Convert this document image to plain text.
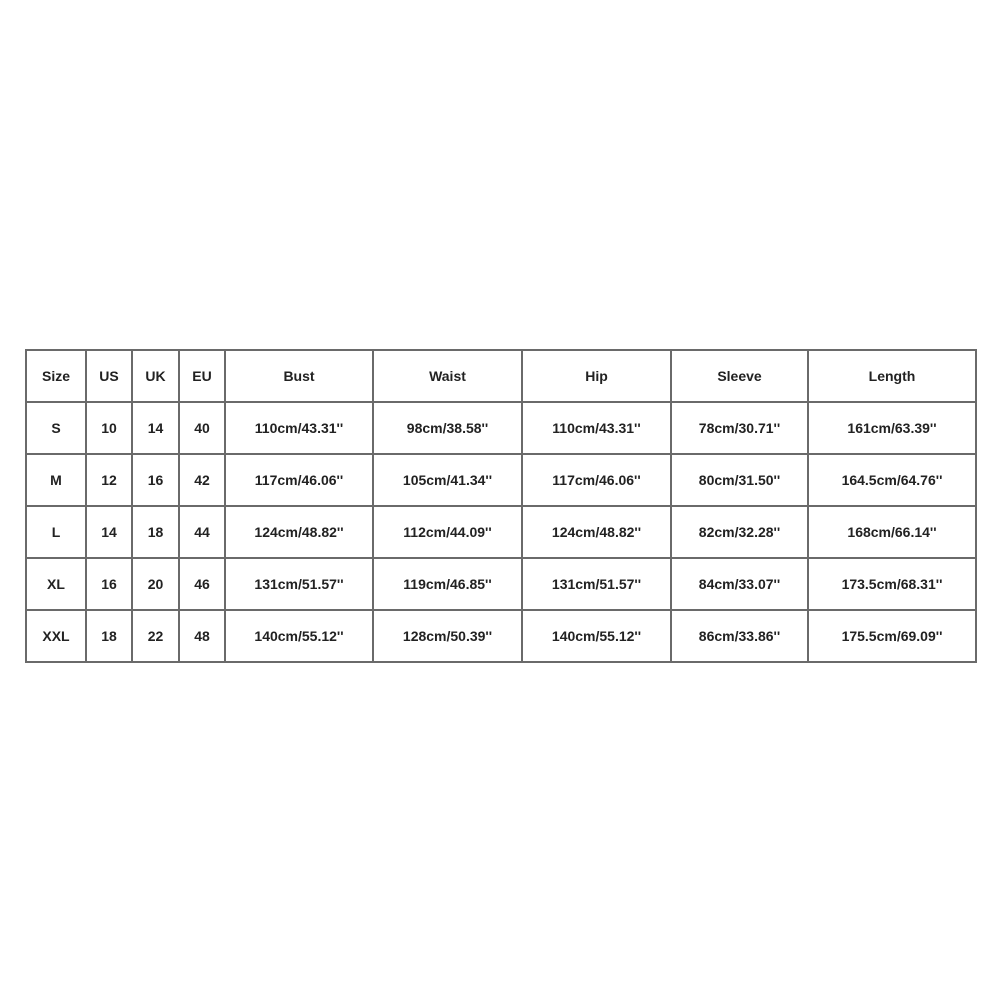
Size	US	UK	EU	Bust	Waist	Hip	Sleeve	Length
S	10	14	40	110cm/43.31''	98cm/38.58''	110cm/43.31''	78cm/30.71''	161cm/63.39''
M	12	16	42	117cm/46.06''	105cm/41.34''	117cm/46.06''	80cm/31.50''	164.5cm/64.76''
L	14	18	44	124cm/48.82''	112cm/44.09''	124cm/48.82''	82cm/32.28''	168cm/66.14''
XL	16	20	46	131cm/51.57''	119cm/46.85''	131cm/51.57''	84cm/33.07''	173.5cm/68.31''
XXL	18	22	48	140cm/55.12''	128cm/50.39''	140cm/55.12''	86cm/33.86''	175.5cm/69.09''
